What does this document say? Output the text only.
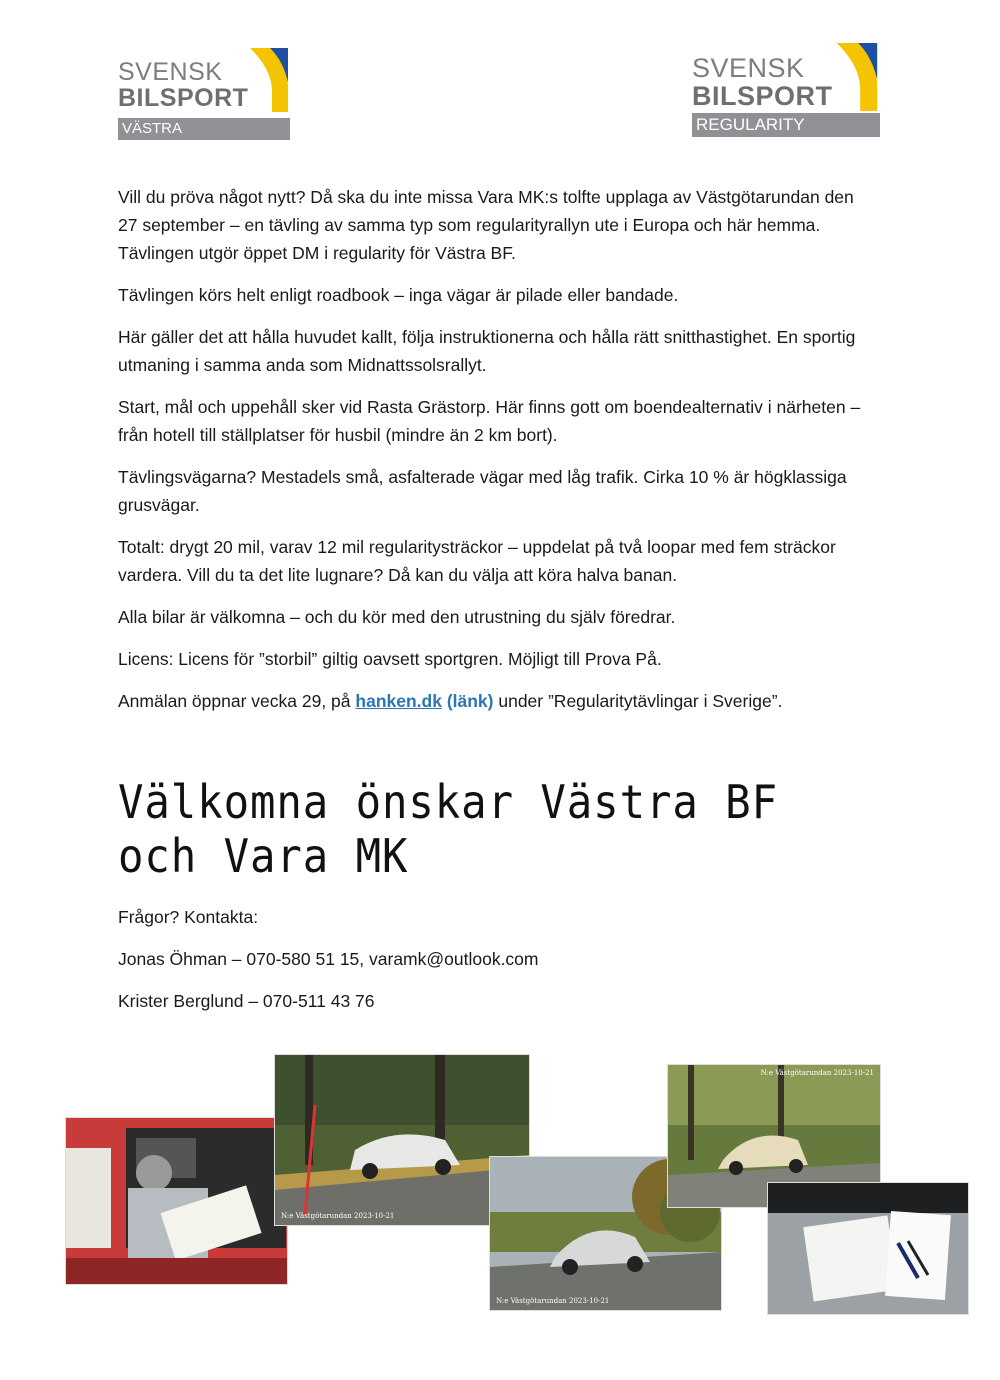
SVENSK
BILSPORT
VÄSTRA
SVENSK
BILSPORT
REGULARITY

Vill du pröva något nytt? Då ska du inte missa Vara MK:s tolfte upplaga av Västgötarundan den 27 september – en tävling av samma typ som regularityrallyn ute i Europa och här hemma. Tävlingen utgör öppet DM i regularity för Västra BF.

Tävlingen körs helt enligt roadbook – inga vägar är pilade eller bandade.

Här gäller det att hålla huvudet kallt, följa instruktionerna och hålla rätt snitthastighet. En sportig utmaning i samma anda som Midnattssolsrallyt.

Start, mål och uppehåll sker vid Rasta Grästorp. Här finns gott om boendealternativ i närheten – från hotell till ställplatser för husbil (mindre än 2 km bort).

Tävlingsvägarna? Mestadels små, asfalterade vägar med låg trafik. Cirka 10 % är högklassiga grusvägar.

Totalt: drygt 20 mil, varav 12 mil regularitysträckor – uppdelat på två loopar med fem sträckor vardera. Vill du ta det lite lugnare? Då kan du välja att köra halva banan.

Alla bilar är välkomna – och du kör med den utrustning du själv föredrar.

Licens: Licens för ”storbil” giltig oavsett sportgren. Möjligt till Prova På.

Anmälan öppnar vecka 29, på hanken.dk (länk) under ”Regularitytävlingar i Sverige”.

Välkomna önskar Västra BF och Vara MK

Frågor? Kontakta:

Jonas Öhman – 070-580 51 15, varamk@outlook.com

Krister Berglund – 070-511 43 76

N:e Västgötarundan 2023-10-21
N:e Västgötarundan 2023-10-21
N:e Västgötarundan 2023-10-21
